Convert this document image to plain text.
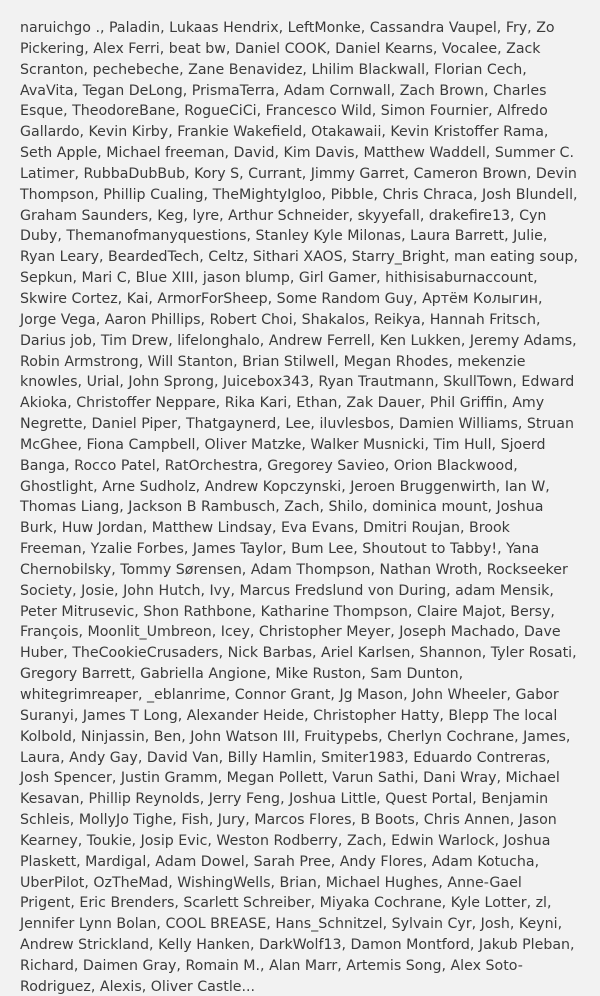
naruichgo ., Paladin, Lukaas Hendrix, LeftMonke, Cassandra Vaupel, Fry, Zo Pickering, Alex Ferri, beat bw, Daniel COOK, Daniel Kearns, Vocalee, Zack Scranton, pechebeche, Zane Benavidez, Lhilim Blackwall, Florian Cech, AvaVita, Tegan DeLong, PrismaTerra, Adam Cornwall, Zach Brown, Charles Esque, TheodoreBane, RogueCiCi, Francesco Wild, Simon Fournier, Alfredo Gallardo, Kevin Kirby, Frankie Wakefield, Otakawaii, Kevin Kristoffer Rama, Seth Apple, Michael freeman, David, Kim Davis, Matthew Waddell, Summer C. Latimer, RubbaDubBub, Kory S, Currant, Jimmy Garret, Cameron Brown, Devin Thompson, Phillip Cualing, TheMightyIgloo, Pibble, Chris Chraca, Josh Blundell, Graham Saunders, Keg, lyre, Arthur Schneider, skyyefall, drakefire13, Cyn Duby, Themanofmanyquestions, Stanley Kyle Milonas, Laura Barrett, Julie, Ryan Leary, BeardedTech, Celtz, Sithari XAOS, Starry_Bright, man eating soup, Sepkun, Mari C, Blue XIII, jason blump, Girl Gamer, hithisisaburnaccount, Skwire Cortez, Kai, ArmorForSheep, Some Random Guy, Артём Колыгин, Jorge Vega, Aaron Phillips, Robert Choi, Shakalos, Reikya, Hannah Fritsch, Darius job, Tim Drew, lifelonghalo, Andrew Ferrell, Ken Lukken, Jeremy Adams, Robin Armstrong, Will Stanton, Brian Stilwell, Megan Rhodes, mekenzie knowles, Urial, John Sprong, Juicebox343, Ryan Trautmann, SkullTown, Edward Akioka, Christoffer Neppare, Rika Kari, Ethan, Zak Dauer, Phil Griffin, Amy Negrette, Daniel Piper, Thatgaynerd, Lee, iluvlesbos, Damien Williams, Struan McGhee, Fiona Campbell, Oliver Matzke, Walker Musnicki, Tim Hull, Sjoerd Banga, Rocco Patel, RatOrchestra, Gregorey Savieo, Orion Blackwood, Ghostlight, Arne Sudholz, Andrew Kopczynski, Jeroen Bruggenwirth, Ian W, Thomas Liang, Jackson B Rambusch, Zach, Shilo, dominica mount, Joshua Burk, Huw Jordan, Matthew Lindsay, Eva Evans, Dmitri Roujan, Brook Freeman, Yzalie Forbes, James Taylor, Bum Lee, Shoutout to Tabby!, Yana Chernobilsky, Tommy Sørensen, Adam Thompson, Nathan Wroth, Rockseeker Society, Josie, John Hutch, Ivy, Marcus Fredslund von During, adam Mensik, Peter Mitrusevic, Shon Rathbone, Katharine Thompson, Claire Majot, Bersy, François, Moonlit_Umbreon, Icey, Christopher Meyer, Joseph Machado, Dave Huber, TheCookieCrusaders, Nick Barbas, Ariel Karlsen, Shannon, Tyler Rosati, Gregory Barrett, Gabriella Angione, Mike Ruston, Sam Dunton, whitegrimreaper, _eblanrime, Connor Grant, Jg Mason, John Wheeler, Gabor Suranyi, James T Long, Alexander Heide, Christopher Hatty, Blepp The local Kolbold, Ninjassin, Ben, John Watson III, Fruitypebs, Cherlyn Cochrane, James, Laura, Andy Gay, David Van, Billy Hamlin, Smiter1983, Eduardo Contreras, Josh Spencer, Justin Gramm, Megan Pollett, Varun Sathi, Dani Wray, Michael Kesavan, Phillip Reynolds, Jerry Feng, Joshua Little, Quest Portal, Benjamin Schleis, MollyJo Tighe, Fish, Jury, Marcos Flores, B Boots, Chris Annen, Jason Kearney, Toukie, Josip Evic, Weston Rodberry, Zach, Edwin Warlock, Joshua Plaskett, Mardigal, Adam Dowel, Sarah Pree, Andy Flores, Adam Kotucha, UberPilot, OzTheMad, WishingWells, Brian, Michael Hughes, Anne-Gael Prigent, Eric Brenders, Scarlett Schreiber, Miyaka Cochrane, Kyle Lotter, zl, Jennifer Lynn Bolan, COOL BREASE, Hans_Schnitzel, Sylvain Cyr, Josh, Keyni, Andrew Strickland, Kelly Hanken, DarkWolf13, Damon Montford, Jakub Pleban, Richard, Daimen Gray, Romain M., Alan Marr, Artemis Song, Alex Soto-Rodriguez, Alexis, Oliver Castle...
